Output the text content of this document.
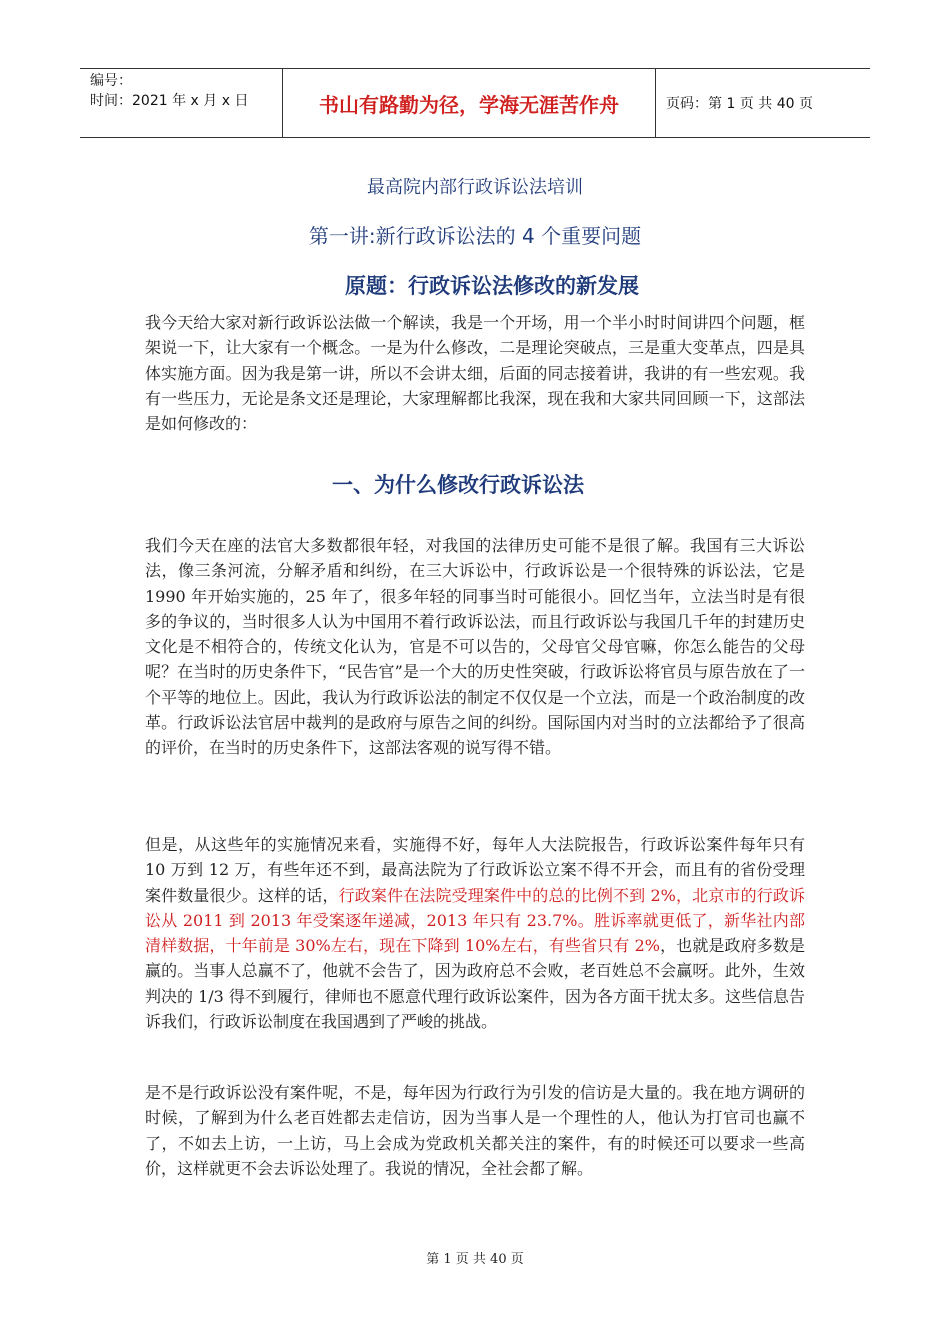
编号：
时间：2021 年 x 月 x 日	书山有路勤为径，学海无涯苦作舟	页码：第 1 页 共 40 页
最高院内部行政诉讼法培训
第一讲:新行政诉讼法的 4 个重要问题
原题：行政诉讼法修改的新发展
我今天给大家对新行政诉讼法做一个解读，我是一个开场，用一个半小时时间讲四个问题，框架说一下，让大家有一个概念。一是为什么修改，二是理论突破点，三是重大变革点，四是具体实施方面。因为我是第一讲，所以不会讲太细，后面的同志接着讲，我讲的有一些宏观。我有一些压力，无论是条文还是理论，大家理解都比我深，现在我和大家共同回顾一下，这部法是如何修改的：
一、为什么修改行政诉讼法
我们今天在座的法官大多数都很年轻，对我国的法律历史可能不是很了解。我国有三大诉讼法，像三条河流，分解矛盾和纠纷，在三大诉讼中，行政诉讼是一个很特殊的诉讼法，它是 1990 年开始实施的，25 年了，很多年轻的同事当时可能很小。回忆当年，立法当时是有很多的争议的，当时很多人认为中国用不着行政诉讼法，而且行政诉讼与我国几千年的封建历史文化是不相符合的，传统文化认为，官是不可以告的，父母官父母官嘛，你怎么能告的父母呢？在当时的历史条件下，“民告官”是一个大的历史性突破，行政诉讼将官员与原告放在了一个平等的地位上。因此，我认为行政诉讼法的制定不仅仅是一个立法，而是一个政治制度的改革。行政诉讼法官居中裁判的是政府与原告之间的纠纷。国际国内对当时的立法都给予了很高的评价，在当时的历史条件下，这部法客观的说写得不错。
但是，从这些年的实施情况来看，实施得不好，每年人大法院报告，行政诉讼案件每年只有 10 万到 12 万，有些年还不到，最高法院为了行政诉讼立案不得不开会，而且有的省份受理案件数量很少。这样的话，行政案件在法院受理案件中的总的比例不到 2%，北京市的行政诉讼从 2011 到 2013 年受案逐年递减，2013 年只有 23.7%。胜诉率就更低了，新华社内部清样数据，十年前是 30%左右，现在下降到 10%左右，有些省只有 2%，也就是政府多数是赢的。当事人总赢不了，他就不会告了，因为政府总不会败，老百姓总不会赢呀。此外，生效判决的 1/3 得不到履行，律师也不愿意代理行政诉讼案件，因为各方面干扰太多。这些信息告诉我们，行政诉讼制度在我国遇到了严峻的挑战。
是不是行政诉讼没有案件呢，不是，每年因为行政行为引发的信访是大量的。我在地方调研的时候，了解到为什么老百姓都去走信访，因为当事人是一个理性的人，他认为打官司也赢不了，不如去上访，一上访，马上会成为党政机关都关注的案件，有的时候还可以要求一些高价，这样就更不会去诉讼处理了。我说的情况，全社会都了解。
第 1 页 共 40 页
